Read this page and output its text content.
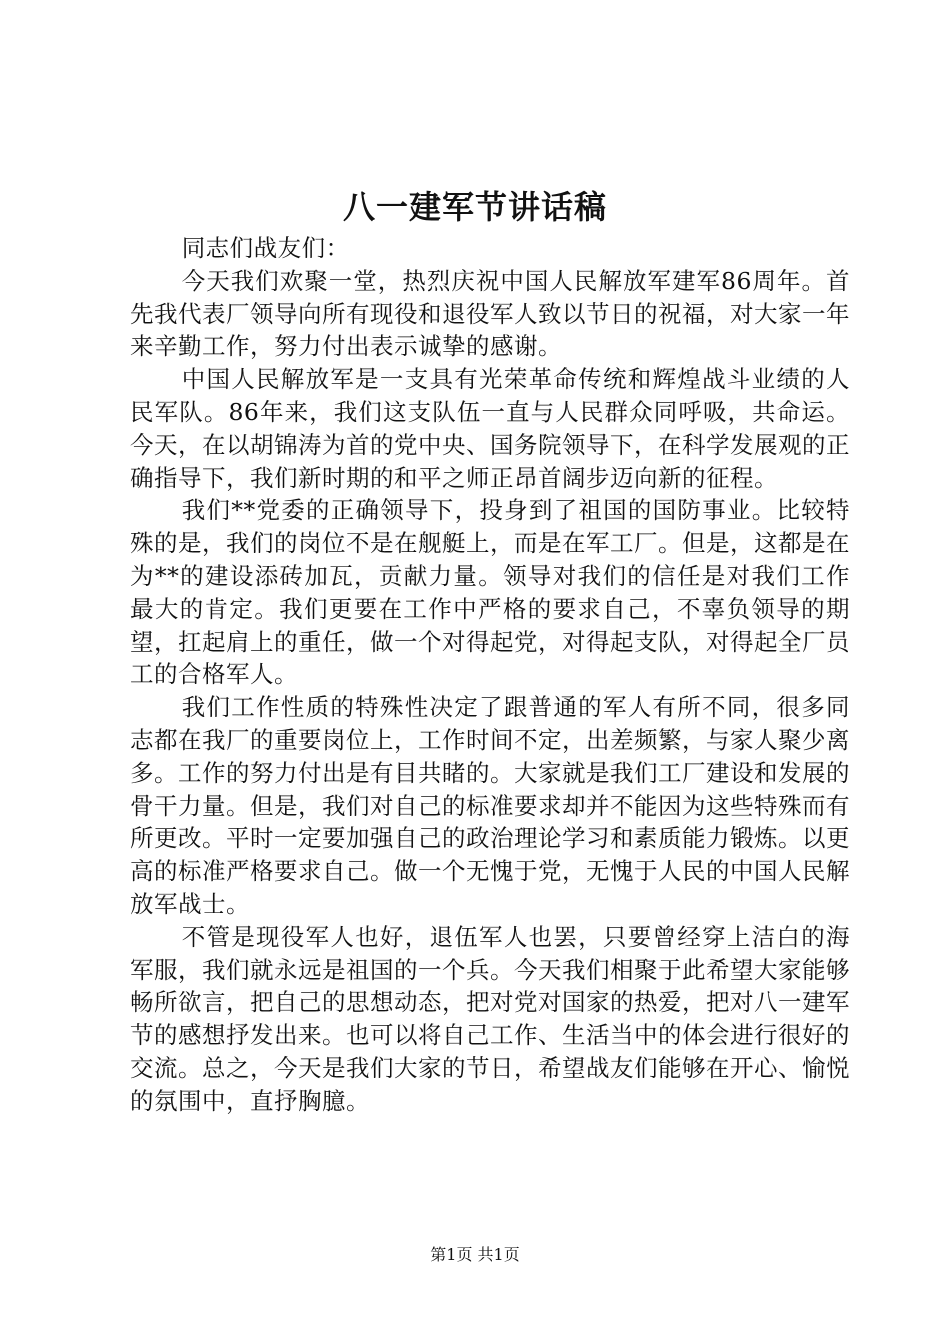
八一建军节讲话稿

同志们战友们：

今天我们欢聚一堂，热烈庆祝中国人民解放军建军86周年。首先我代表厂领导向所有现役和退役军人致以节日的祝福，对大家一年来辛勤工作，努力付出表示诚挚的感谢。

中国人民解放军是一支具有光荣革命传统和辉煌战斗业绩的人民军队。86年来，我们这支队伍一直与人民群众同呼吸，共命运。今天，在以胡锦涛为首的党中央、国务院领导下，在科学发展观的正确指导下，我们新时期的和平之师正昂首阔步迈向新的征程。

我们**党委的正确领导下，投身到了祖国的国防事业。比较特殊的是，我们的岗位不是在舰艇上，而是在军工厂。但是，这都是在为**的建设添砖加瓦，贡献力量。领导对我们的信任是对我们工作最大的肯定。我们更要在工作中严格的要求自己，不辜负领导的期望，扛起肩上的重任，做一个对得起党，对得起支队，对得起全厂员工的合格军人。

我们工作性质的特殊性决定了跟普通的军人有所不同，很多同志都在我厂的重要岗位上，工作时间不定，出差频繁，与家人聚少离多。工作的努力付出是有目共睹的。大家就是我们工厂建设和发展的骨干力量。但是，我们对自己的标准要求却并不能因为这些特殊而有所更改。平时一定要加强自己的政治理论学习和素质能力锻炼。以更高的标准严格要求自己。做一个无愧于党，无愧于人民的中国人民解放军战士。

不管是现役军人也好，退伍军人也罢，只要曾经穿上洁白的海军服，我们就永远是祖国的一个兵。今天我们相聚于此希望大家能够畅所欲言，把自己的思想动态，把对党对国家的热爱，把对八一建军节的感想抒发出来。也可以将自己工作、生活当中的体会进行很好的交流。总之，今天是我们大家的节日，希望战友们能够在开心、愉悦的氛围中，直抒胸臆。

第1页 共1页
